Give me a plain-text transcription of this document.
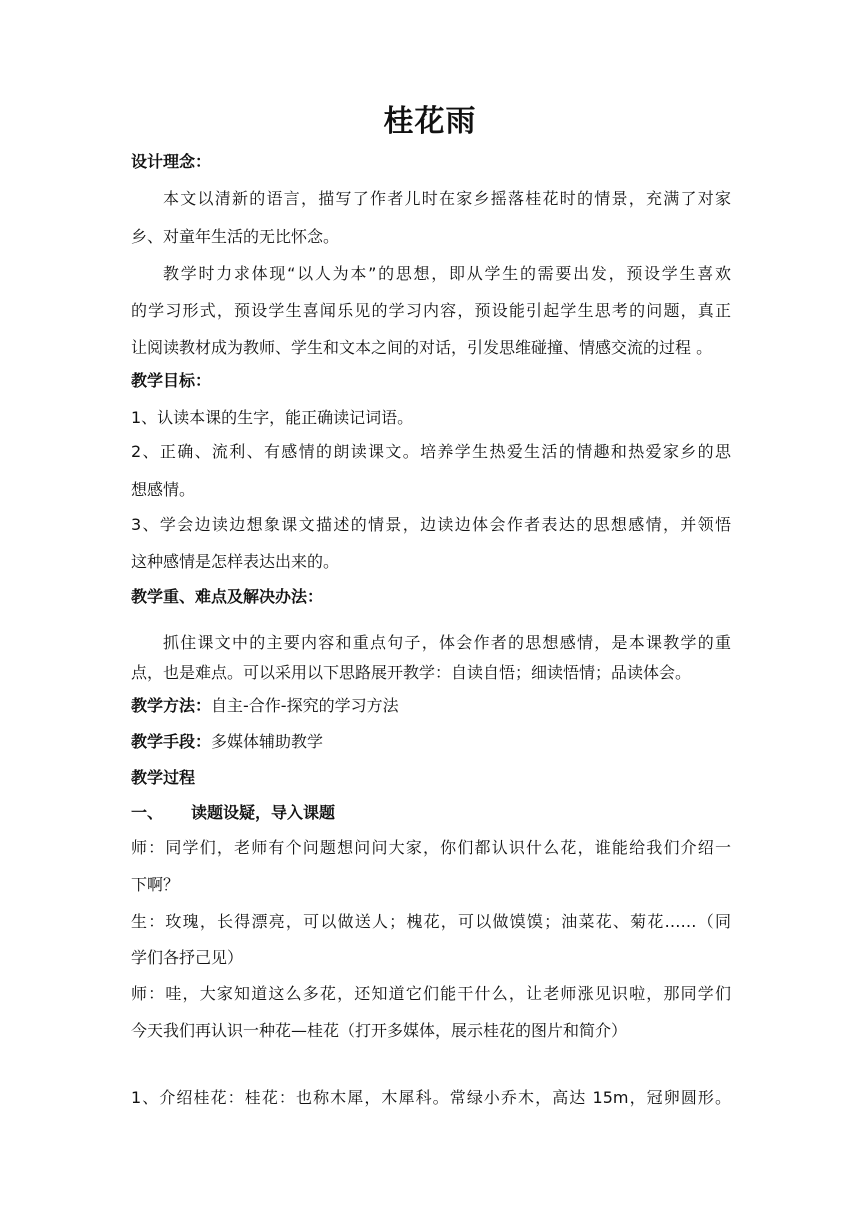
桂花雨
设计理念：
本文以清新的语言，描写了作者儿时在家乡摇落桂花时的情景，充满了对家
乡、对童年生活的无比怀念。
教学时力求体现“以人为本”的思想，即从学生的需要出发，预设学生喜欢
的学习形式，预设学生喜闻乐见的学习内容，预设能引起学生思考的问题，真正
让阅读教材成为教师、学生和文本之间的对话，引发思维碰撞、情感交流的过程 。
教学目标：
1、认读本课的生字，能正确读记词语。
2、正确、流利、有感情的朗读课文。培养学生热爱生活的情趣和热爱家乡的思
想感情。
3、学会边读边想象课文描述的情景，边读边体会作者表达的思想感情，并领悟
这种感情是怎样表达出来的。
教学重、难点及解决办法：
抓住课文中的主要内容和重点句子，体会作者的思想感情，是本课教学的重
点，也是难点。可以采用以下思路展开教学：自读自悟；细读悟情；品读体会。
教学方法：自主-合作-探究的学习方法
教学手段：多媒体辅助教学
教学过程
一、 读题设疑，导入课题
师：同学们，老师有个问题想问问大家，你们都认识什么花，谁能给我们介绍一
下啊？
生：玫瑰，长得漂亮，可以做送人；槐花，可以做馍馍；油菜花、菊花……（同
学们各抒己见）
师：哇，大家知道这么多花，还知道它们能干什么，让老师涨见识啦，那同学们
今天我们再认识一种花—桂花（打开多媒体，展示桂花的图片和简介）
1、介绍桂花：桂花：也称木犀，木犀科。常绿小乔木，高达 15m，冠卵圆形。
